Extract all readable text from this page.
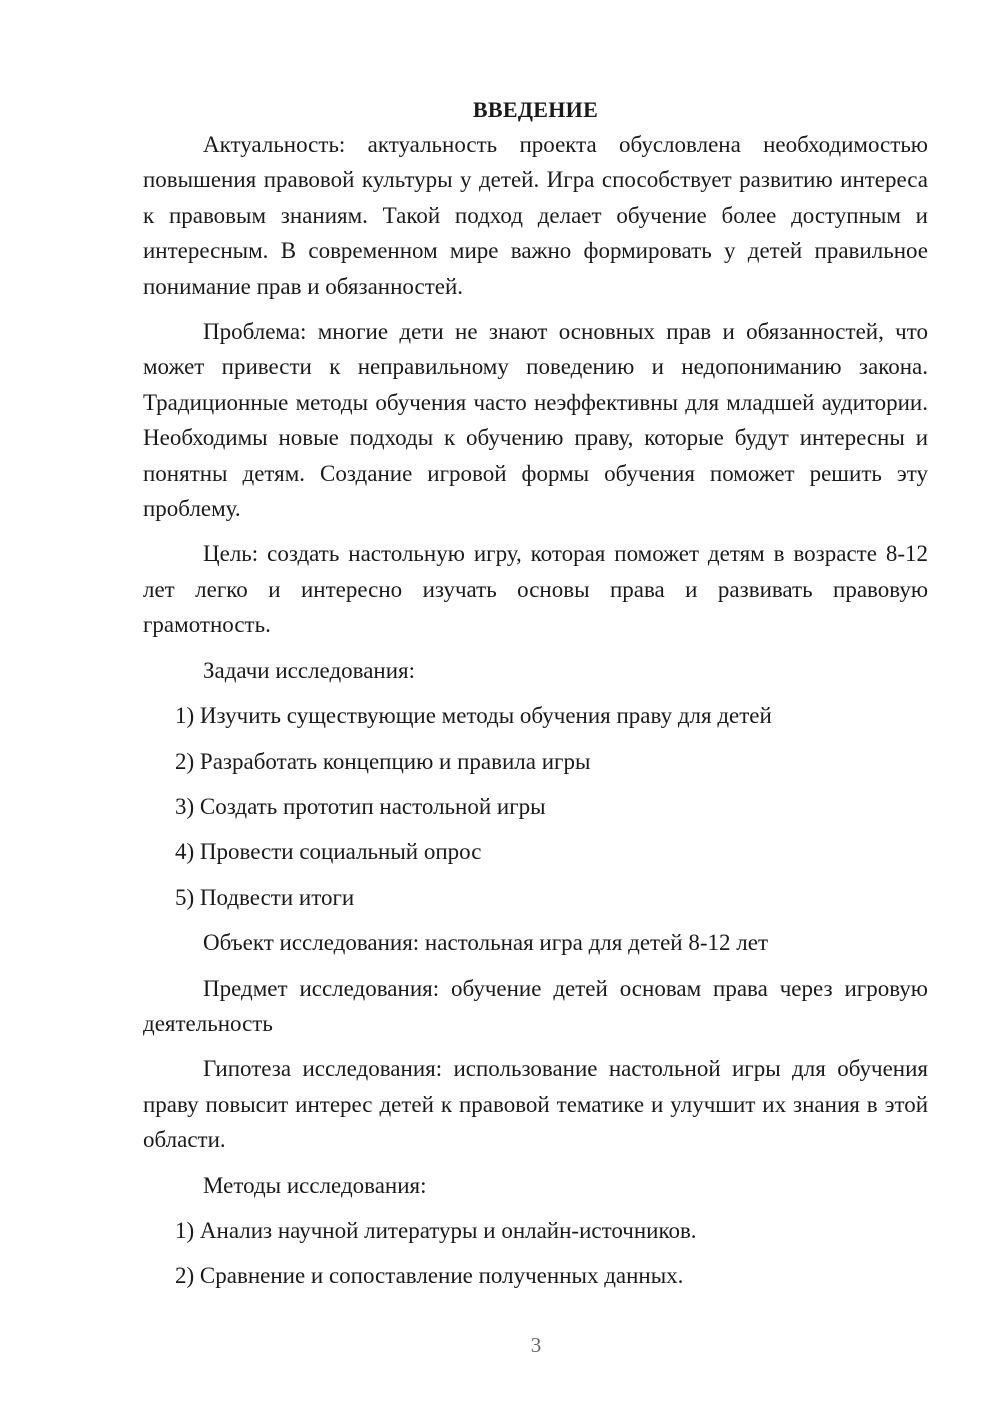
ВВЕДЕНИЕ

Актуальность: актуальность проекта обусловлена необходимостью повышения правовой культуры у детей. Игра способствует развитию интереса к правовым знаниям. Такой подход делает обучение более доступным и интересным. В современном мире важно формировать у детей правильное понимание прав и обязанностей.

Проблема: многие дети не знают основных прав и обязанностей, что может привести к неправильному поведению и недопониманию закона. Традиционные методы обучения часто неэффективны для младшей аудитории. Необходимы новые подходы к обучению праву, которые будут интересны и понятны детям. Создание игровой формы обучения поможет решить эту проблему.

Цель: создать настольную игру, которая поможет детям в возрасте 8-12 лет легко и интересно изучать основы права и развивать правовую грамотность.

Задачи исследования:

1) Изучить существующие методы обучения праву для детей

2) Разработать концепцию и правила игры

3) Создать прототип настольной игры

4) Провести социальный опрос

5) Подвести итоги

Объект исследования: настольная игра для детей 8-12 лет

Предмет исследования: обучение детей основам права через игровую деятельность

Гипотеза исследования: использование настольной игры для обучения праву повысит интерес детей к правовой тематике и улучшит их знания в этой области.

Методы исследования:

1) Анализ научной литературы и онлайн-источников.

2) Сравнение и сопоставление полученных данных.

3
